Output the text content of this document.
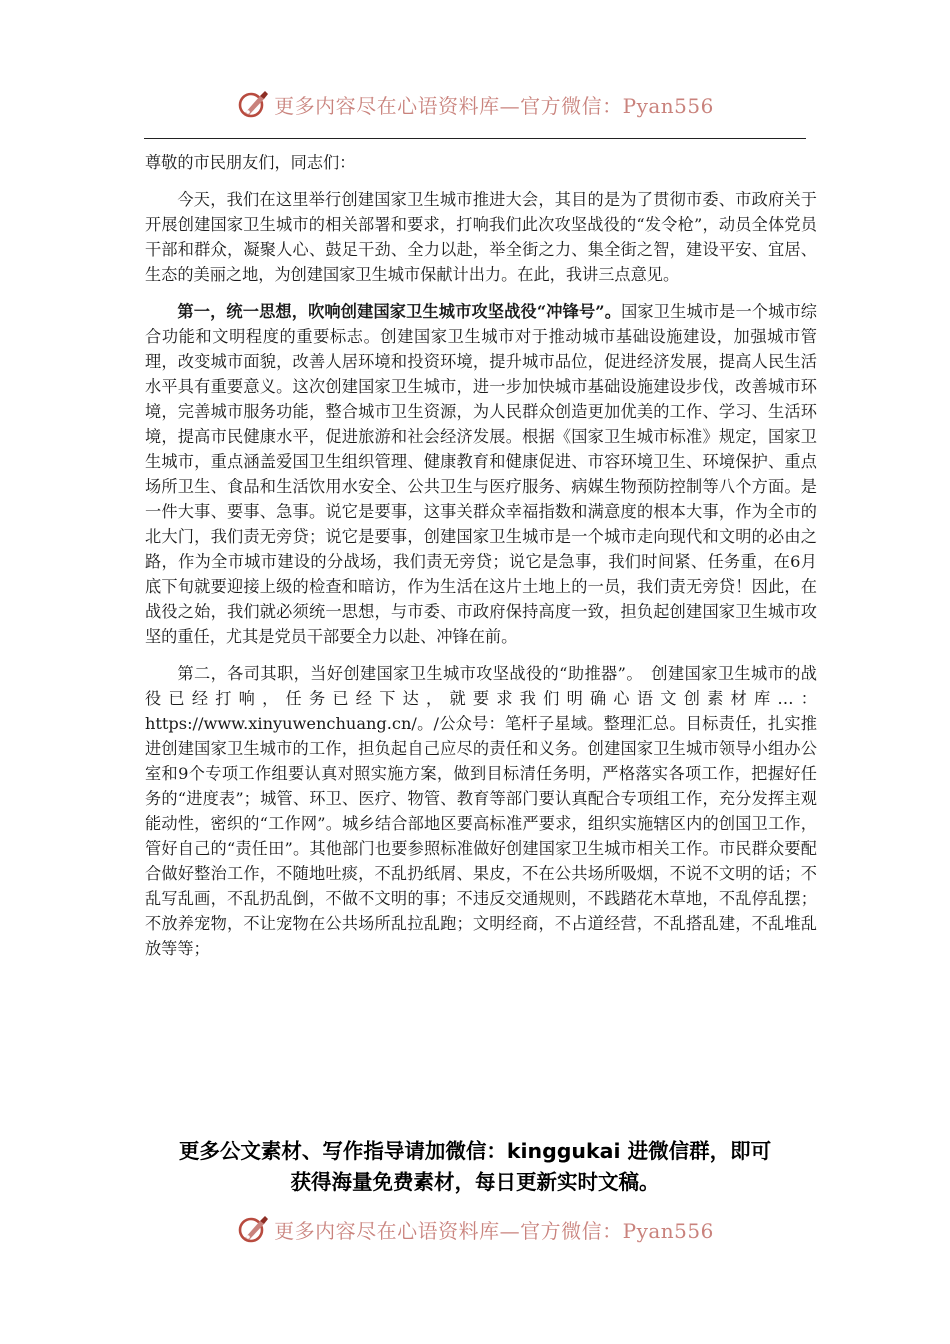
更多内容尽在心语资料库—官方微信：Pyan556

尊敬的市民朋友们，同志们：

今天，我们在这里举行创建国家卫生城市推进大会，其目的是为了贯彻市委、市政府关于开展创建国家卫生城市的相关部署和要求，打响我们此次攻坚战役的“发令枪”，动员全体党员干部和群众，凝聚人心、鼓足干劲、全力以赴，举全街之力、集全街之智，建设平安、宜居、生态的美丽之地，为创建国家卫生城市保献计出力。在此，我讲三点意见。

第一，统一思想，吹响创建国家卫生城市攻坚战役“冲锋号”。国家卫生城市是一个城市综合功能和文明程度的重要标志。创建国家卫生城市对于推动城市基础设施建设，加强城市管理，改变城市面貌，改善人居环境和投资环境，提升城市品位，促进经济发展，提高人民生活水平具有重要意义。这次创建国家卫生城市，进一步加快城市基础设施建设步伐，改善城市环境，完善城市服务功能，整合城市卫生资源，为人民群众创造更加优美的工作、学习、生活环境，提高市民健康水平，促进旅游和社会经济发展。根据《国家卫生城市标准》规定，国家卫生城市，重点涵盖爱国卫生组织管理、健康教育和健康促进、市容环境卫生、环境保护、重点场所卫生、食品和生活饮用水安全、公共卫生与医疗服务、病媒生物预防控制等八个方面。是一件大事、要事、急事。说它是要事，这事关群众幸福指数和满意度的根本大事，作为全市的北大门，我们责无旁贷；说它是要事，创建国家卫生城市是一个城市走向现代和文明的必由之路，作为全市城市建设的分战场，我们责无旁贷；说它是急事，我们时间紧、任务重，在6月底下旬就要迎接上级的检查和暗访，作为生活在这片土地上的一员，我们责无旁贷！因此，在战役之始，我们就必须统一思想，与市委、市政府保持高度一致，担负起创建国家卫生城市攻坚的重任，尤其是党员干部要全力以赴、冲锋在前。

第二，各司其职，当好创建国家卫生城市攻坚战役的“助推器”。　创建国家卫生城市的战役已经打响，任务已经下达，就要求我们明确心语文创素材库…：https://www.xinyuwenchuang.cn/。/公众号：笔杆子星域。整理汇总。目标责任，扎实推进创建国家卫生城市的工作，担负起自己应尽的责任和义务。创建国家卫生城市领导小组办公室和9个专项工作组要认真对照实施方案，做到目标清任务明，严格落实各项工作，把握好任务的“进度表”；城管、环卫、医疗、物管、教育等部门要认真配合专项组工作，充分发挥主观能动性，密织的“工作网”。城乡结合部地区要高标准严要求，组织实施辖区内的创国卫工作，管好自己的“责任田”。其他部门也要参照标准做好创建国家卫生城市相关工作。市民群众要配合做好整治工作，不随地吐痰，不乱扔纸屑、果皮，不在公共场所吸烟，不说不文明的话；不乱写乱画，不乱扔乱倒，不做不文明的事；不违反交通规则，不践踏花木草地，不乱停乱摆；不放养宠物，不让宠物在公共场所乱拉乱跑；文明经商，不占道经营，不乱搭乱建，不乱堆乱放等等；

更多公文素材、写作指导请加微信：kinggukai 进微信群，即可
获得海量免费素材，每日更新实时文稿。
更多内容尽在心语资料库—官方微信：Pyan556
